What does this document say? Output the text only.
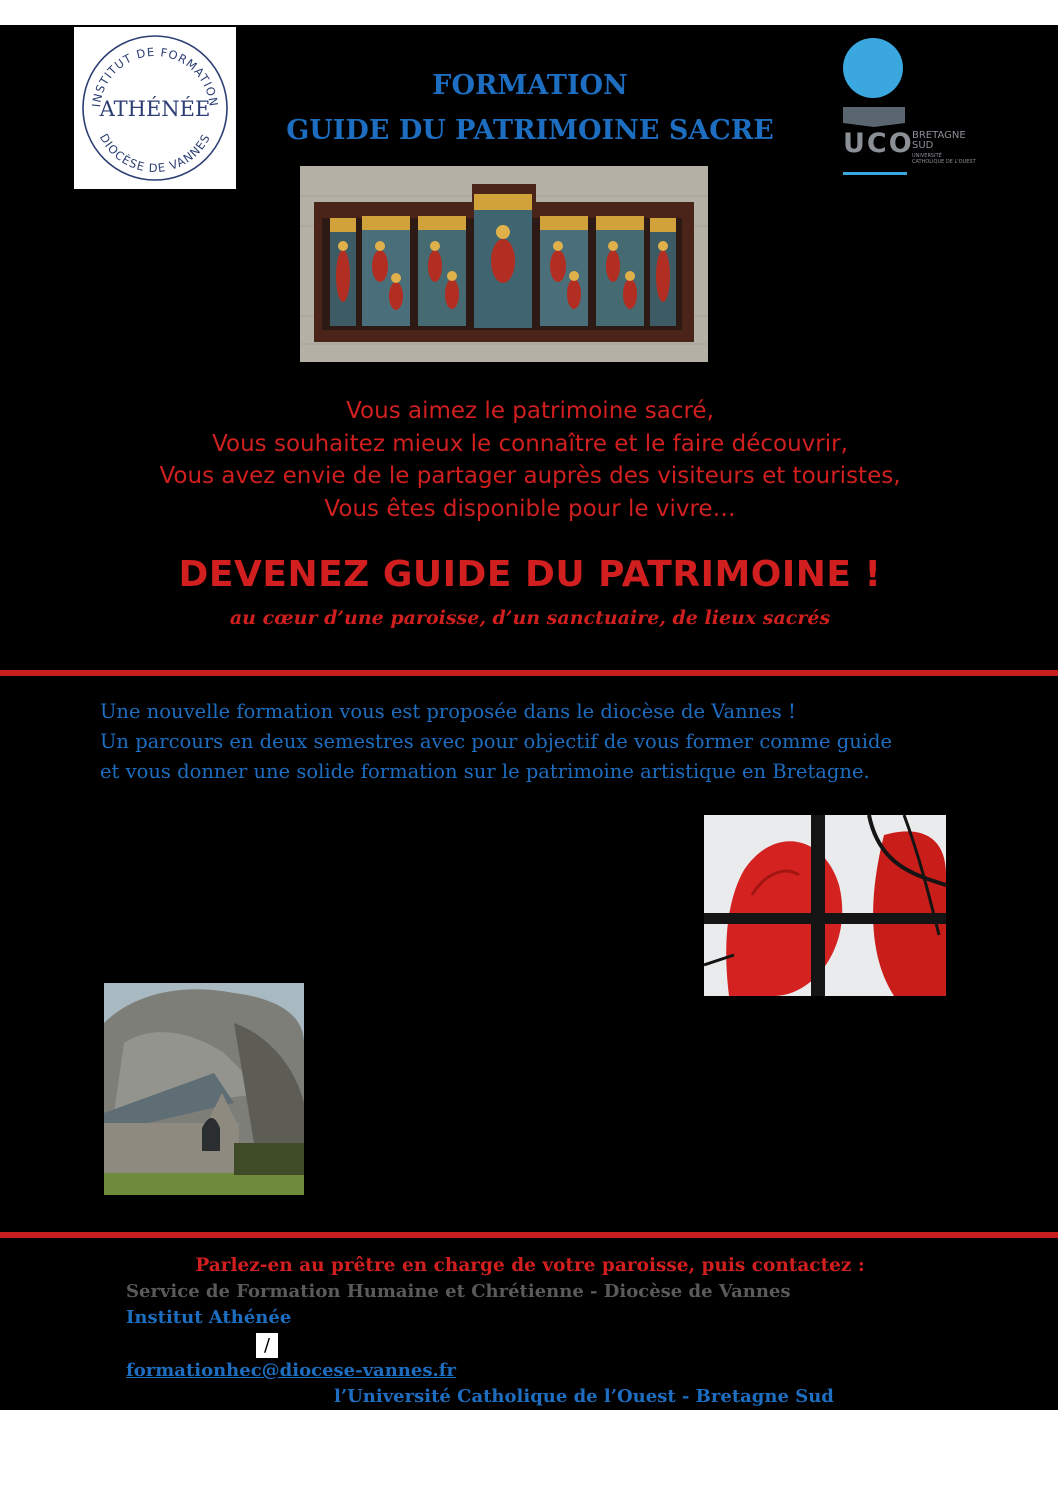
INSTITUT DE FORMATION
DIOCÈSE DE VANNES
ATHÉNÉE
FORMATION
GUIDE DU PATRIMOINE SACRE	UCO
BRETAGNE
SUD
UNIVERSITÉ
CATHOLIQUE DE L'OUEST
Vous aimez le patrimoine sacré,
Vous souhaitez mieux le connaître et le faire découvrir,
Vous avez envie de le partager auprès des visiteurs et touristes,
Vous êtes disponible pour le vivre…
DEVENEZ GUIDE DU PATRIMOINE !
au cœur d’une paroisse, d’un sanctuaire, de lieux sacrés
Une nouvelle formation vous est proposée dans le diocèse de Vannes !
Un parcours en deux semestres avec pour objectif de vous former comme guide
et vous donner une solide formation sur le patrimoine artistique en Bretagne.
Parlez-en au prêtre en charge de votre paroisse, puis contactez :
Service de Formation Humaine et Chrétienne - Diocèse de Vannes
Institut Athénée
/
formationhec@diocese-vannes.fr
l’Université Catholique de l’Ouest - Bretagne Sud
